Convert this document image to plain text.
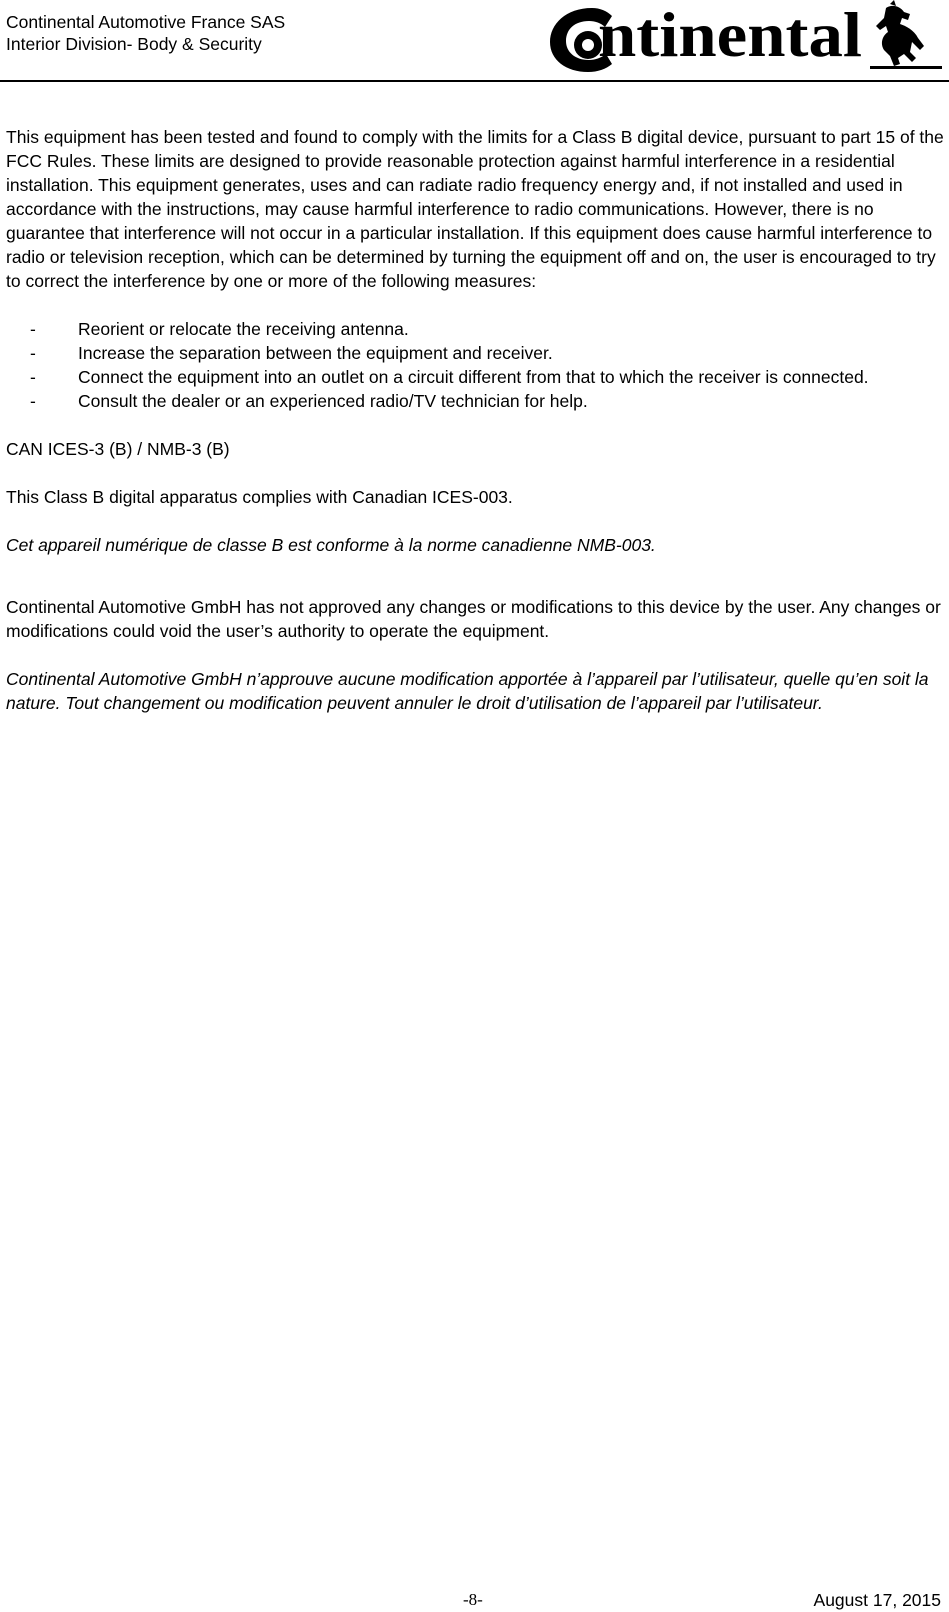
Continental Automotive France SAS
Interior Division- Body & Security	ntinental

This equipment has been tested and found to comply with the limits for a Class B digital device, pursuant to part 15 of the FCC Rules. These limits are designed to provide reasonable protection against harmful interference in a residential installation. This equipment generates, uses and can radiate radio frequency energy and, if not installed and used in accordance with the instructions, may cause harmful interference to radio communications. However, there is no guarantee that interference will not occur in a particular installation. If this equipment does cause harmful interference to radio or television reception, which can be determined by turning the equipment off and on, the user is encouraged to try to correct the interference by one or more of the following measures:

- Reorient or relocate the receiving antenna.
- Increase the separation between the equipment and receiver.
- Connect the equipment into an outlet on a circuit different from that to which the receiver is connected.
- Consult the dealer or an experienced radio/TV technician for help.

CAN ICES-3 (B) / NMB-3 (B)

This Class B digital apparatus complies with Canadian ICES-003.

Cet appareil numérique de classe B est conforme à la norme canadienne NMB-003.

Continental Automotive GmbH has not approved any changes or modifications to this device by the user. Any changes or modifications could void the user’s authority to operate the equipment.

Continental Automotive GmbH n’approuve aucune modification apportée à l’appareil par l’utilisateur, quelle qu’en soit la nature. Tout changement ou modification peuvent annuler le droit d’utilisation de l’appareil par l’utilisateur.

-8-	August 17, 2015
